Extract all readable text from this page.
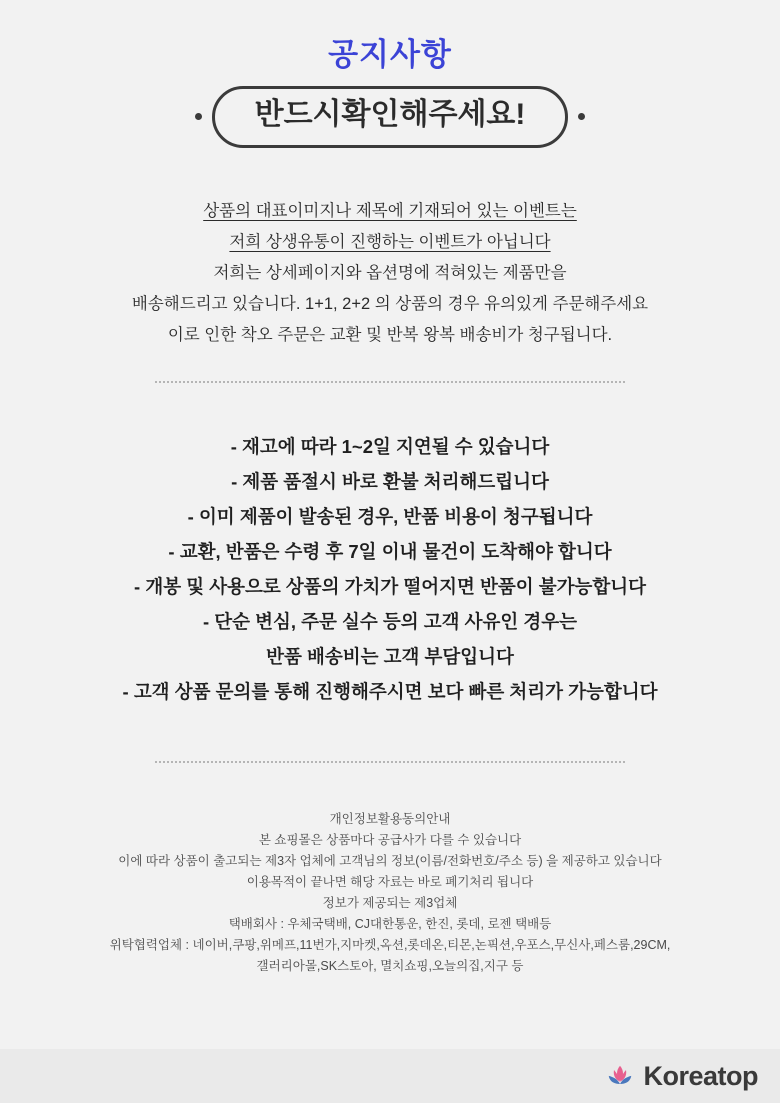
공지사항
반드시확인해주세요!
상품의 대표이미지나 제목에 기재되어 있는 이벤트는
저희 상생유통이 진행하는 이벤트가 아닙니다
저희는 상세페이지와 옵션명에 적혀있는 제품만을
배송해드리고 있습니다. 1+1, 2+2 의 상품의 경우 유의있게 주문해주세요
이로 인한 착오 주문은 교환 및 반복 왕복 배송비가 청구됩니다.
- 재고에 따라 1~2일 지연될 수 있습니다
- 제품 품절시 바로 환불 처리해드립니다
- 이미 제품이 발송된 경우, 반품 비용이 청구됩니다
- 교환, 반품은 수령 후 7일 이내 물건이 도착해야 합니다
- 개봉 및 사용으로 상품의 가치가 떨어지면 반품이 불가능합니다
- 단순 변심, 주문 실수 등의 고객 사유인 경우는
반품 배송비는 고객 부담입니다
- 고객 상품 문의를 통해 진행해주시면 보다 빠른 처리가 가능합니다
개인정보활용동의안내
본 쇼핑몰은 상품마다 공급사가 다를 수 있습니다
이에 따라 상품이 출고되는 제3자 업체에 고객님의 정보(이름/전화번호/주소 등) 을 제공하고 있습니다
이용목적이 끝나면 해당 자료는 바로 폐기처리 됩니다
정보가 제공되는 제3업체
택배회사 : 우체국택배, CJ대한통운, 한진, 롯데, 로젠 택배등
위탁협력업체 : 네이버,쿠팡,위메프,11번가,지마켓,옥션,롯데온,티몬,논픽션,우포스,무신사,페스룸,29CM,
갤러리아몰,SK스토아, 멸치쇼핑,오늘의집,지구 등
Koreatop
